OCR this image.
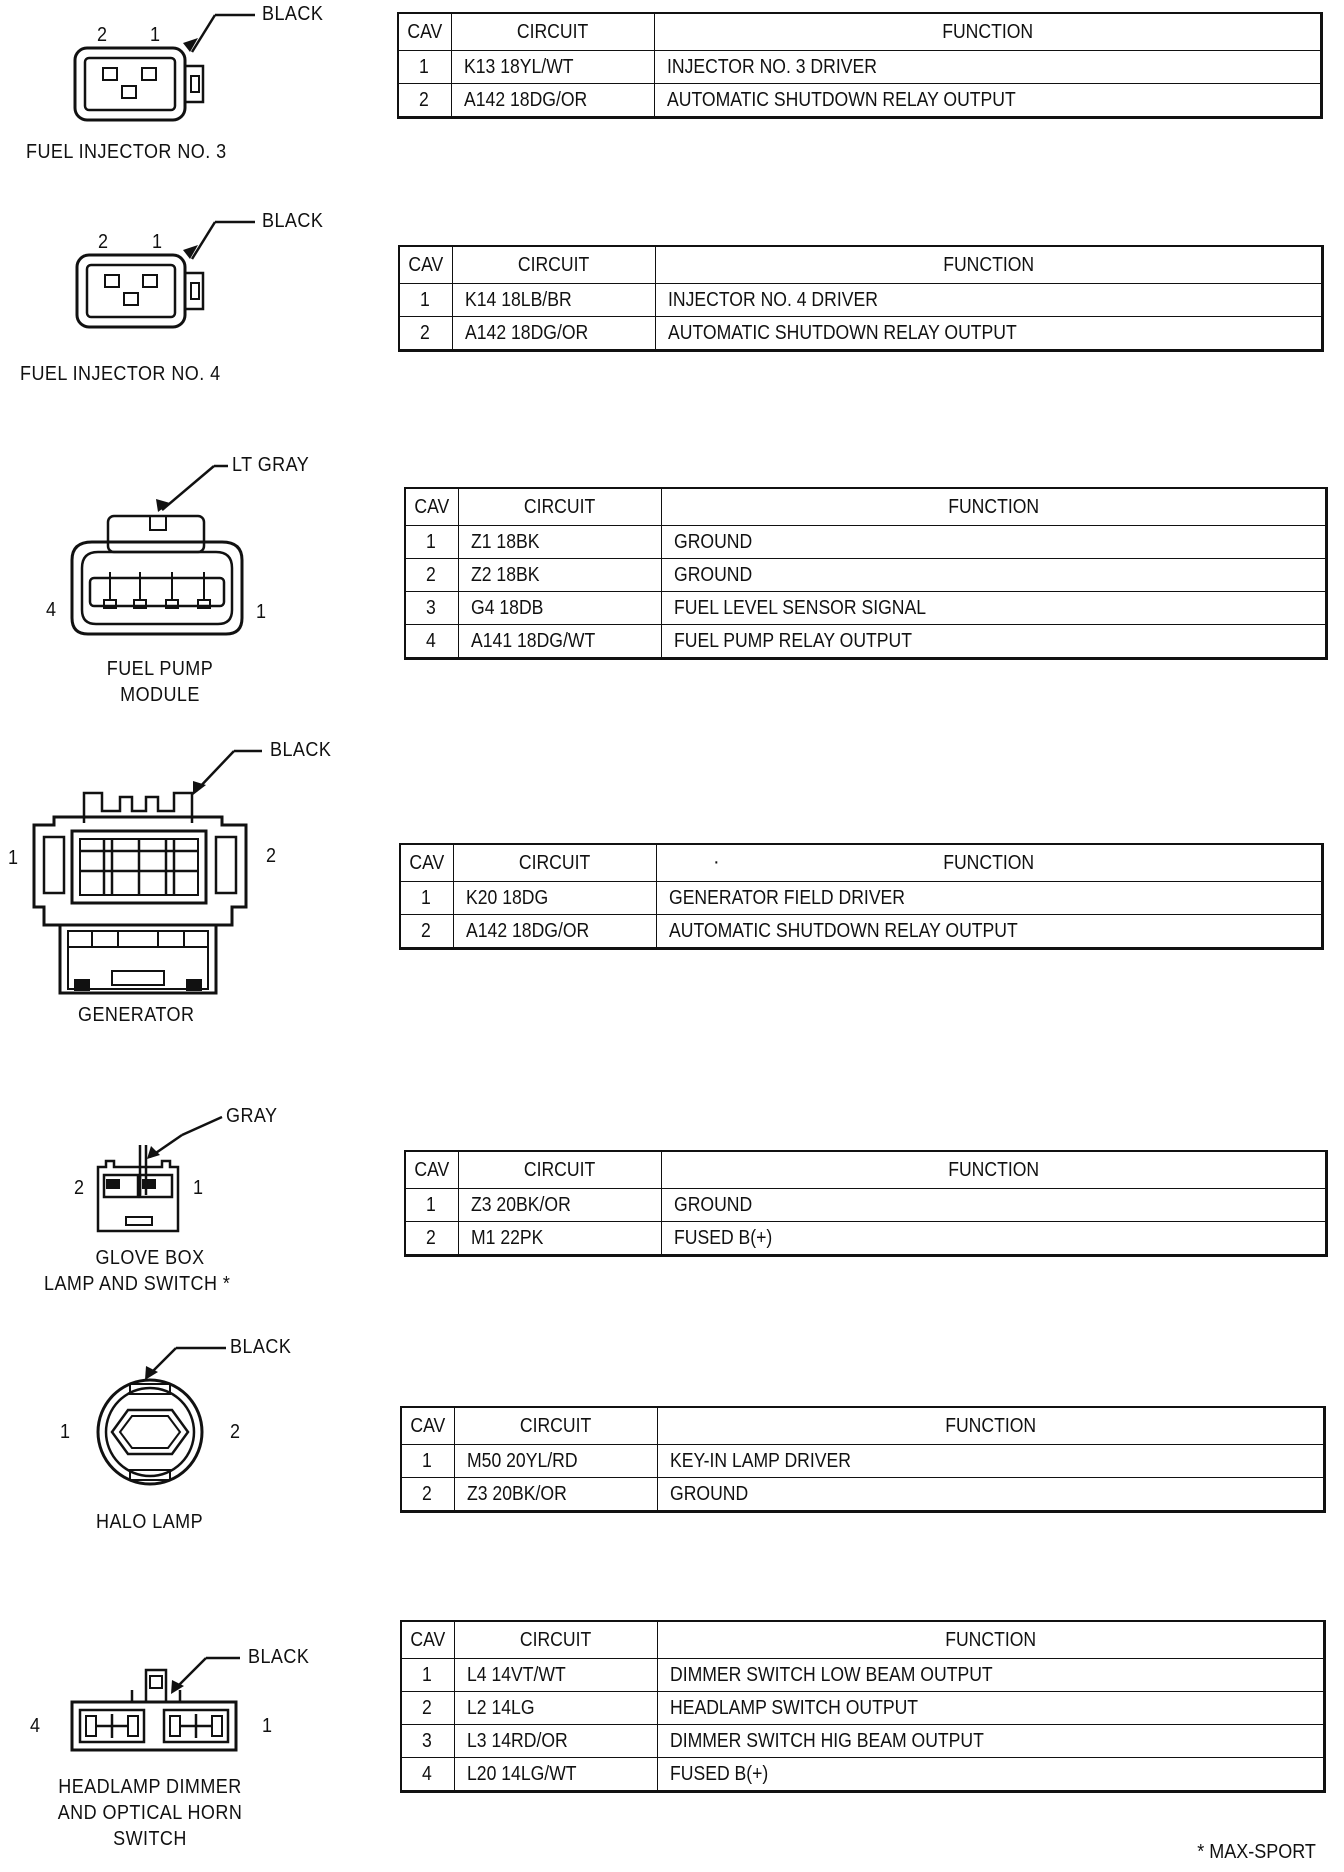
2 1
BLACK
FUEL INJECTOR NO. 3
CAV	CIRCUIT	FUNCTION
1	K13 18YL/WT	INJECTOR NO. 3 DRIVER
2	A142 18DG/OR	AUTOMATIC SHUTDOWN RELAY OUTPUT
2 1
BLACK
FUEL INJECTOR NO. 4
CAV	CIRCUIT	FUNCTION
1	K14 18LB/BR	INJECTOR NO. 4 DRIVER
2	A142 18DG/OR	AUTOMATIC SHUTDOWN RELAY OUTPUT
LT GRAY
4	1
FUEL PUMP
MODULE
CAV	CIRCUIT	FUNCTION
1	Z1 18BK	GROUND
2	Z2 18BK	GROUND
3	G4 18DB	FUEL LEVEL SENSOR SIGNAL
4	A141 18DG/WT	FUEL PUMP RELAY OUTPUT
BLACK
1	2
GENERATOR
CAV	CIRCUIT	· FUNCTION
1	K20 18DG	GENERATOR FIELD DRIVER
2	A142 18DG/OR	AUTOMATIC SHUTDOWN RELAY OUTPUT
GRAY
2	1
GLOVE BOX
LAMP AND SWITCH *
CAV	CIRCUIT	FUNCTION
1	Z3 20BK/OR	GROUND
2	M1 22PK	FUSED B(+)
BLACK
1	2
HALO LAMP
CAV	CIRCUIT	FUNCTION
1	M50 20YL/RD	KEY-IN LAMP DRIVER
2	Z3 20BK/OR	GROUND
BLACK
4	1
HEADLAMP DIMMER
AND OPTICAL HORN
SWITCH
CAV	CIRCUIT	FUNCTION
1	L4 14VT/WT	DIMMER SWITCH LOW BEAM OUTPUT
2	L2 14LG	HEADLAMP SWITCH OUTPUT
3	L3 14RD/OR	DIMMER SWITCH HIG BEAM OUTPUT
4	L20 14LG/WT	FUSED B(+)
* MAX-SPORT
